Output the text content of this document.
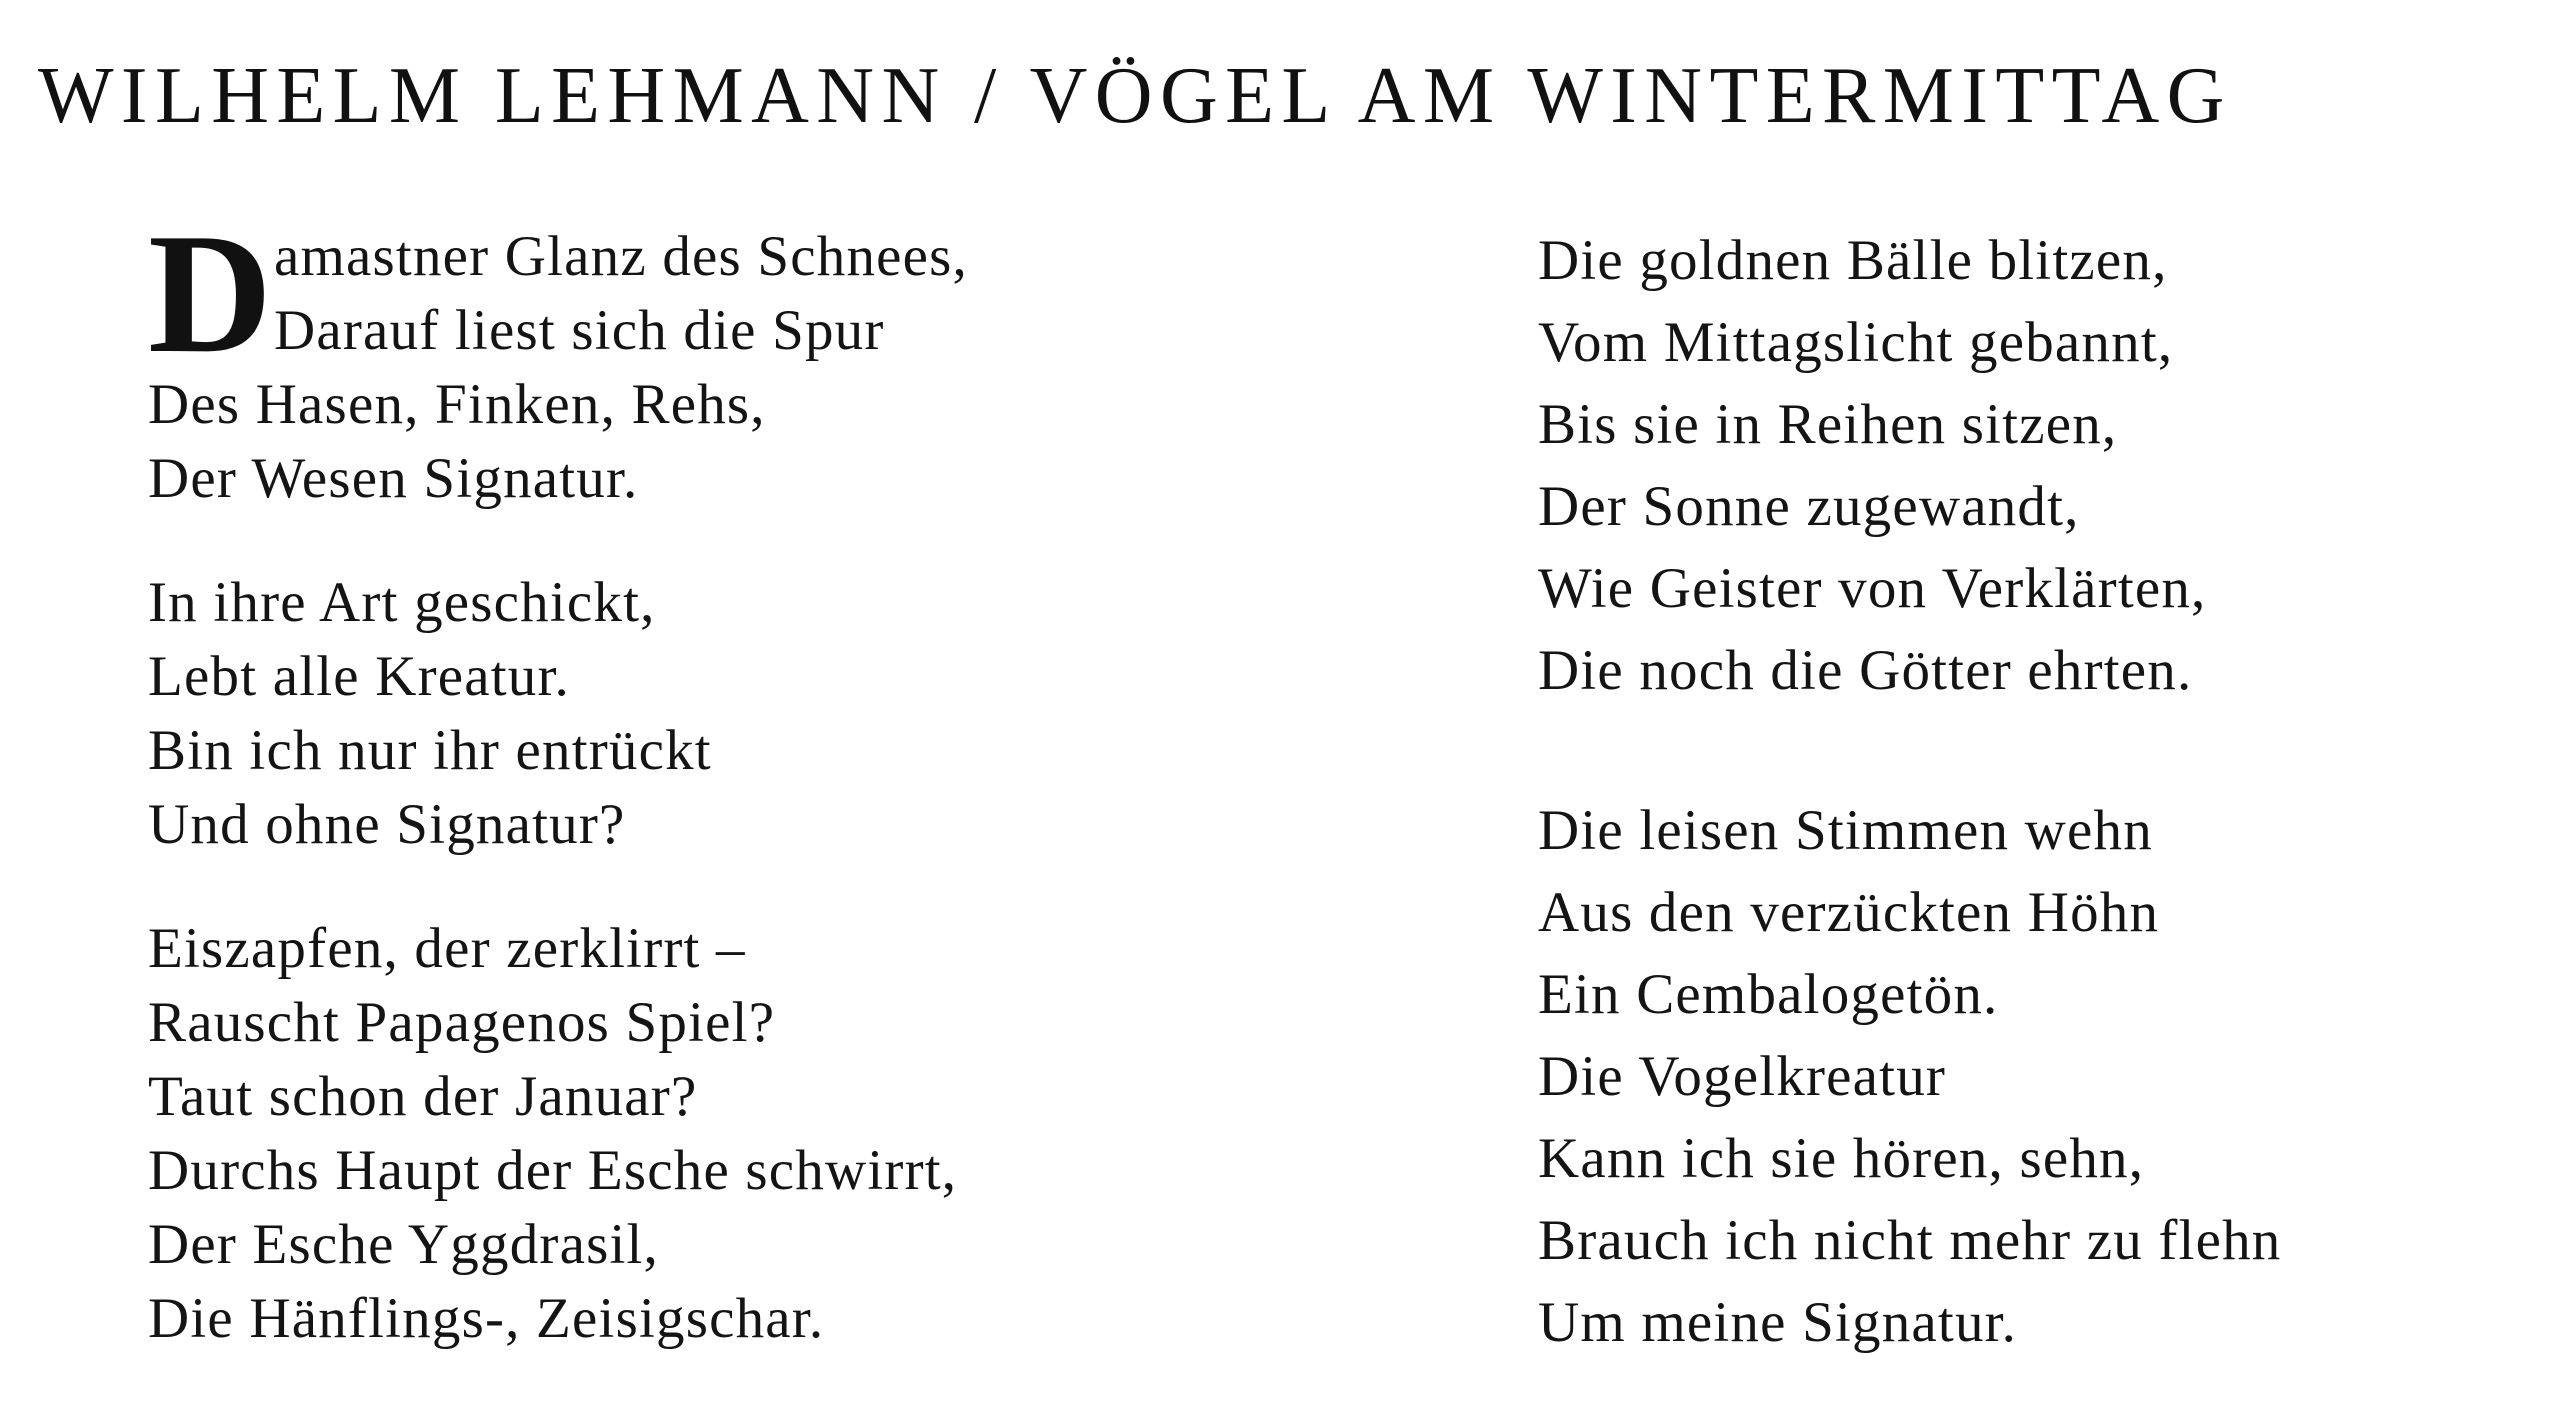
WILHELM LEHMANN / VÖGEL AM WINTERMITTAG
D amastner Glanz des Schnees,
Darauf liest sich die Spur
Des Hasen, Finken, Rehs,
Der Wesen Signatur.
In ihre Art geschickt,
Lebt alle Kreatur.
Bin ich nur ihr entrückt
Und ohne Signatur?
Eiszapfen, der zerklirrt –
Rauscht Papagenos Spiel?
Taut schon der Januar?
Durchs Haupt der Esche schwirrt,
Der Esche Yggdrasil,
Die Hänflings-, Zeisigschar.
Die goldnen Bälle blitzen,
Vom Mittagslicht gebannt,
Bis sie in Reihen sitzen,
Der Sonne zugewandt,
Wie Geister von Verklärten,
Die noch die Götter ehrten.
Die leisen Stimmen wehn
Aus den verzückten Höhn
Ein Cembalogetön.
Die Vogelkreatur
Kann ich sie hören, sehn,
Brauch ich nicht mehr zu flehn
Um meine Signatur.
